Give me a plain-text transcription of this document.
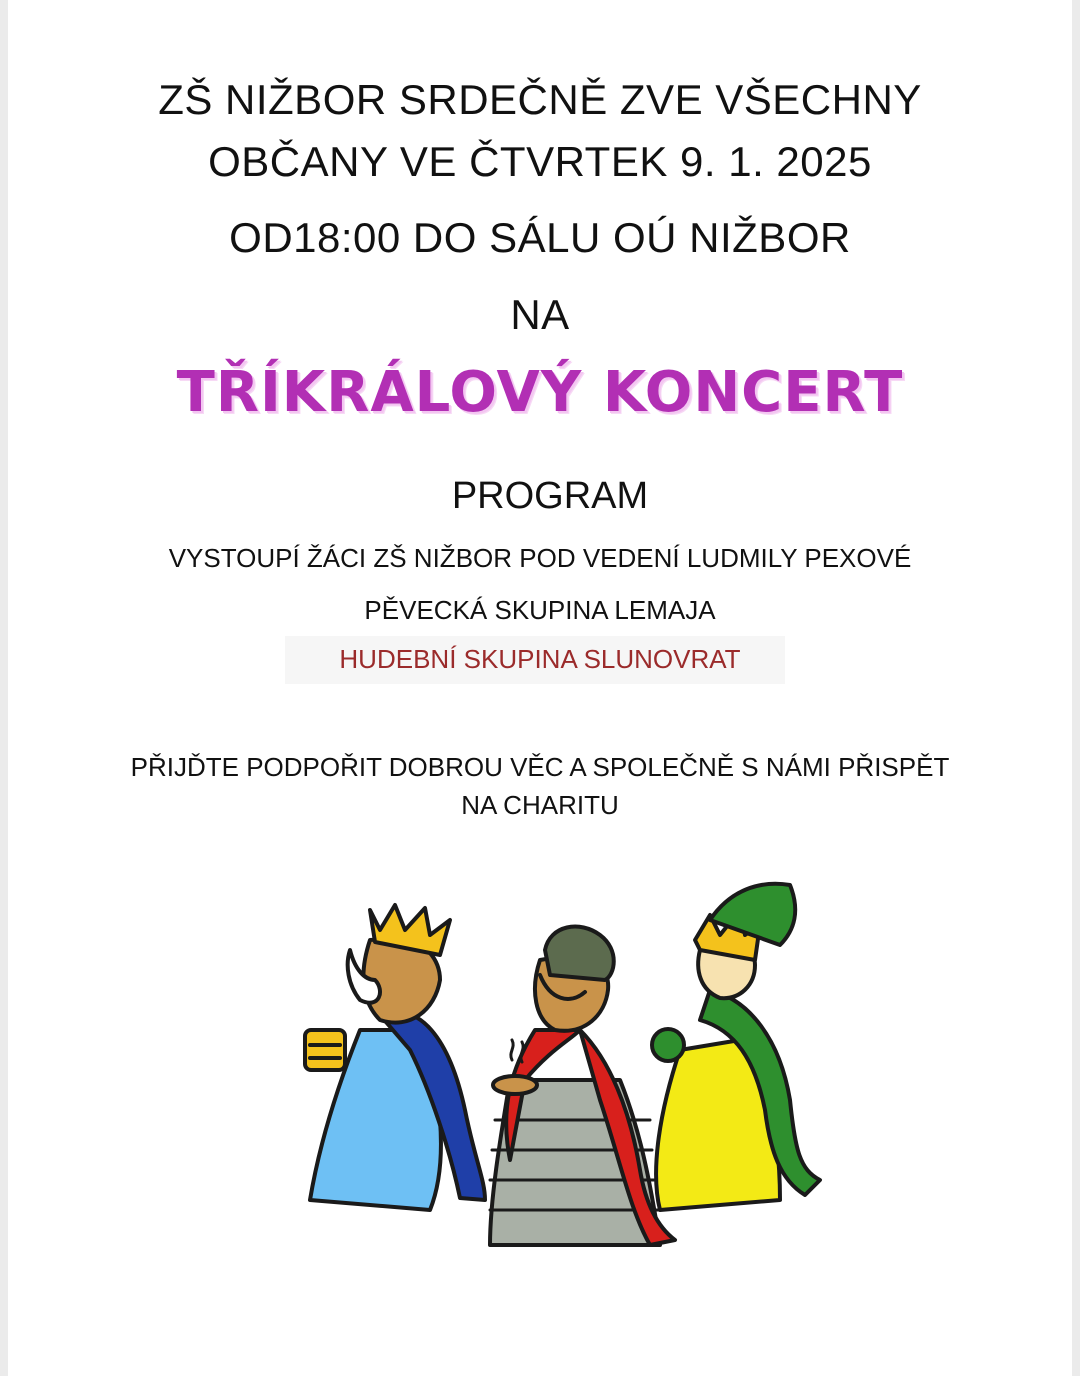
ZŠ NIŽBOR SRDEČNĚ ZVE VŠECHNY
OBČANY VE ČTVRTEK 9. 1. 2025
OD18:00 DO SÁLU OÚ NIŽBOR
NA
TŘÍKRÁLOVÝ KONCERT
PROGRAM
VYSTOUPÍ ŽÁCI ZŠ NIŽBOR POD VEDENÍ LUDMILY PEXOVÉ
PĚVECKÁ SKUPINA LEMAJA
HUDEBNÍ SKUPINA SLUNOVRAT
PŘIJĎTE PODPOŘIT DOBROU VĚC A SPOLEČNĚ S NÁMI PŘISPĚT
NA CHARITU
